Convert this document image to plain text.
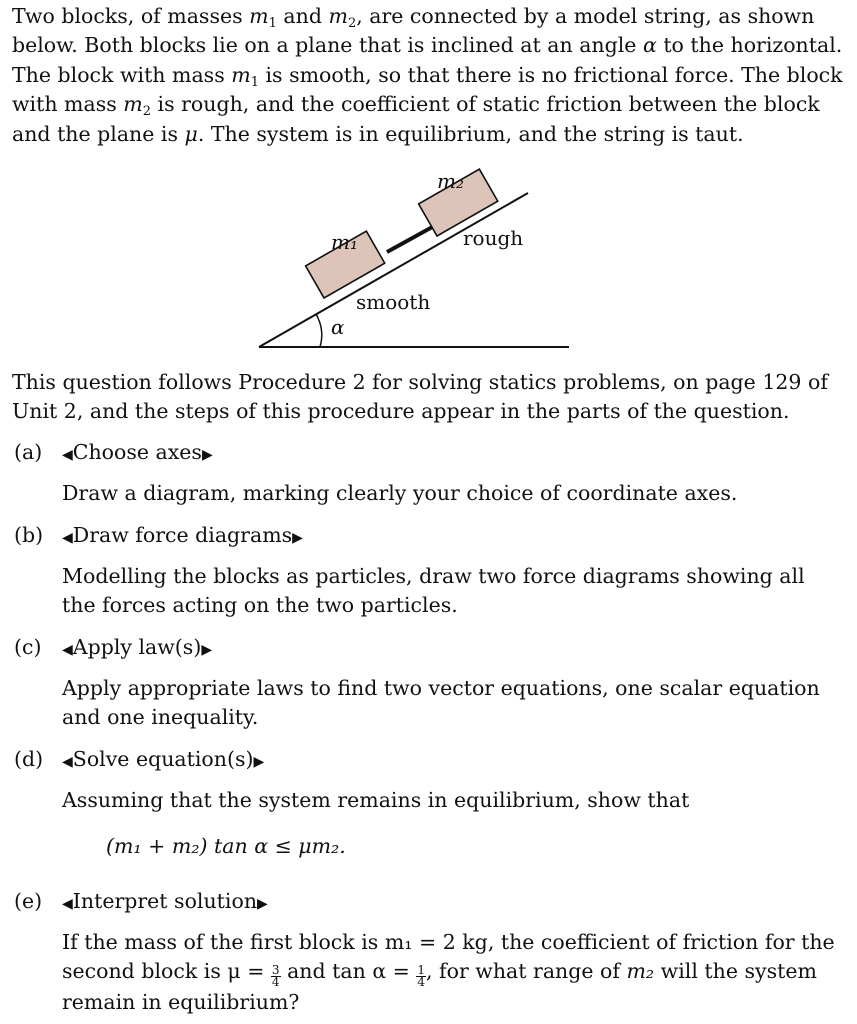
Two blocks, of masses $m_1$ and $m_2$, are connected by a model string, as shown below. Both blocks lie on a plane that is inclined at an angle α to the horizontal. The block with mass $m_1$ is smooth, so that there is no frictional force. The block with mass $m_2$ is rough, and the coefficient of static friction between the block and the plane is μ. The system is in equilibrium, and the string is taut.

m₁
m₂
rough
smooth
α

This question follows Procedure 2 for solving statics problems, on page 129 of Unit 2, and the steps of this procedure appear in the parts of the question.

(a) ◀Choose axes▶

Draw a diagram, marking clearly your choice of coordinate axes.

(b) ◀Draw force diagrams▶

Modelling the blocks as particles, draw two force diagrams showing all the forces acting on the two particles.

(c) ◀Apply law(s)▶

Apply appropriate laws to find two vector equations, one scalar equation and one inequality.

(d) ◀Solve equation(s)▶

Assuming that the system remains in equilibrium, show that

(m₁ + m₂) tan α ≤ μm₂.
(e) ◀Interpret solution▶

If the mass of the first block is m₁ = 2 kg, the coefficient of friction for the second block is $\mu = \frac{3}{4}$ and $\tan \alpha = \frac{1}{4}$ , for what range of m₂ will the system remain in equilibrium?
